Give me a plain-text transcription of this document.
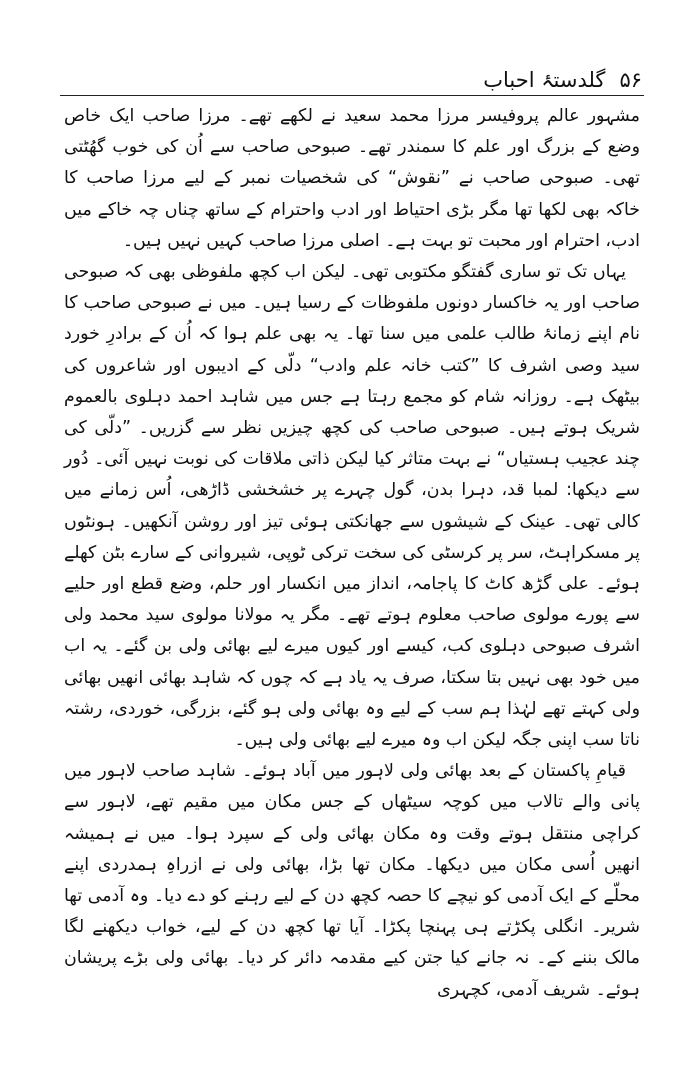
۵۶
گلدستۂ احباب

مشہور عالم پروفیسر مرزا محمد سعید نے لکھے تھے۔ مرزا صاحب ایک خاص وضع کے بزرگ اور علم کا سمندر تھے۔ صبوحی صاحب سے اُن کی خوب گھُٹتی تھی۔ صبوحی صاحب نے ”نقوش“ کی شخصیات نمبر کے لیے مرزا صاحب کا خاکہ بھی لکھا تھا مگر بڑی احتیاط اور ادب واحترام کے ساتھ چناں چہ خاکے میں ادب، احترام اور محبت تو بہت ہے۔ اصلی مرزا صاحب کہیں نہیں ہیں۔

یہاں تک تو ساری گفتگو مکتوبی تھی۔ لیکن اب کچھ ملفوظی بھی کہ صبوحی صاحب اور یہ خاکسار دونوں ملفوظات کے رسیا ہیں۔ میں نے صبوحی صاحب کا نام اپنے زمانۂ طالب علمی میں سنا تھا۔ یہ بھی علم ہوا کہ اُن کے برادرِ خورد سید وصی اشرف کا ”کتب خانہ علم وادب“ دلّی کے ادیبوں اور شاعروں کی بیٹھک ہے۔ روزانہ شام کو مجمع رہتا ہے جس میں شاہد احمد دہلوی بالعموم شریک ہوتے ہیں۔ صبوحی صاحب کی کچھ چیزیں نظر سے گزریں۔ ”دلّی کی چند عجیب ہستیاں“ نے بہت متاثر کیا لیکن ذاتی ملاقات کی نوبت نہیں آئی۔ دُور سے دیکھا: لمبا قد، دہرا بدن، گول چہرے پر خشخشی ڈاڑھی، اُس زمانے میں کالی تھی۔ عینک کے شیشوں سے جھانکتی ہوئی تیز اور روشن آنکھیں۔ ہونٹوں پر مسکراہٹ، سر پر کرسٹی کی سخت ترکی ٹوپی، شیروانی کے سارے بٹن کھلے ہوئے۔ علی گڑھ کاٹ کا پاجامہ، انداز میں انکسار اور حلم، وضع قطع اور حلیے سے پورے مولوی صاحب معلوم ہوتے تھے۔ مگر یہ مولانا مولوی سید محمد ولی اشرف صبوحی دہلوی کب، کیسے اور کیوں میرے لیے بھائی ولی بن گئے۔ یہ اب میں خود بھی نہیں بتا سکتا، صرف یہ یاد ہے کہ چوں کہ شاہد بھائی انھیں بھائی ولی کہتے تھے لہٰذا ہم سب کے لیے وہ بھائی ولی ہو گئے، بزرگی، خوردی، رشتہ ناتا سب اپنی جگہ لیکن اب وہ میرے لیے بھائی ولی ہیں۔

قیامِ پاکستان کے بعد بھائی ولی لاہور میں آباد ہوئے۔ شاہد صاحب لاہور میں پانی والے تالاب میں کوچہ سیٹھاں کے جس مکان میں مقیم تھے، لاہور سے کراچی منتقل ہوتے وقت وہ مکان بھائی ولی کے سپرد ہوا۔ میں نے ہمیشہ انھیں اُسی مکان میں دیکھا۔ مکان تھا بڑا، بھائی ولی نے ازراہِ ہمدردی اپنے محلّے کے ایک آدمی کو نیچے کا حصہ کچھ دن کے لیے رہنے کو دے دیا۔ وہ آدمی تھا شریر۔ انگلی پکڑتے ہی پہنچا پکڑا۔ آیا تھا کچھ دن کے لیے، خواب دیکھنے لگا مالک بننے کے۔ نہ جانے کیا جتن کیے مقدمہ دائر کر دیا۔ بھائی ولی بڑے پریشان ہوئے۔ شریف آدمی، کچہری
